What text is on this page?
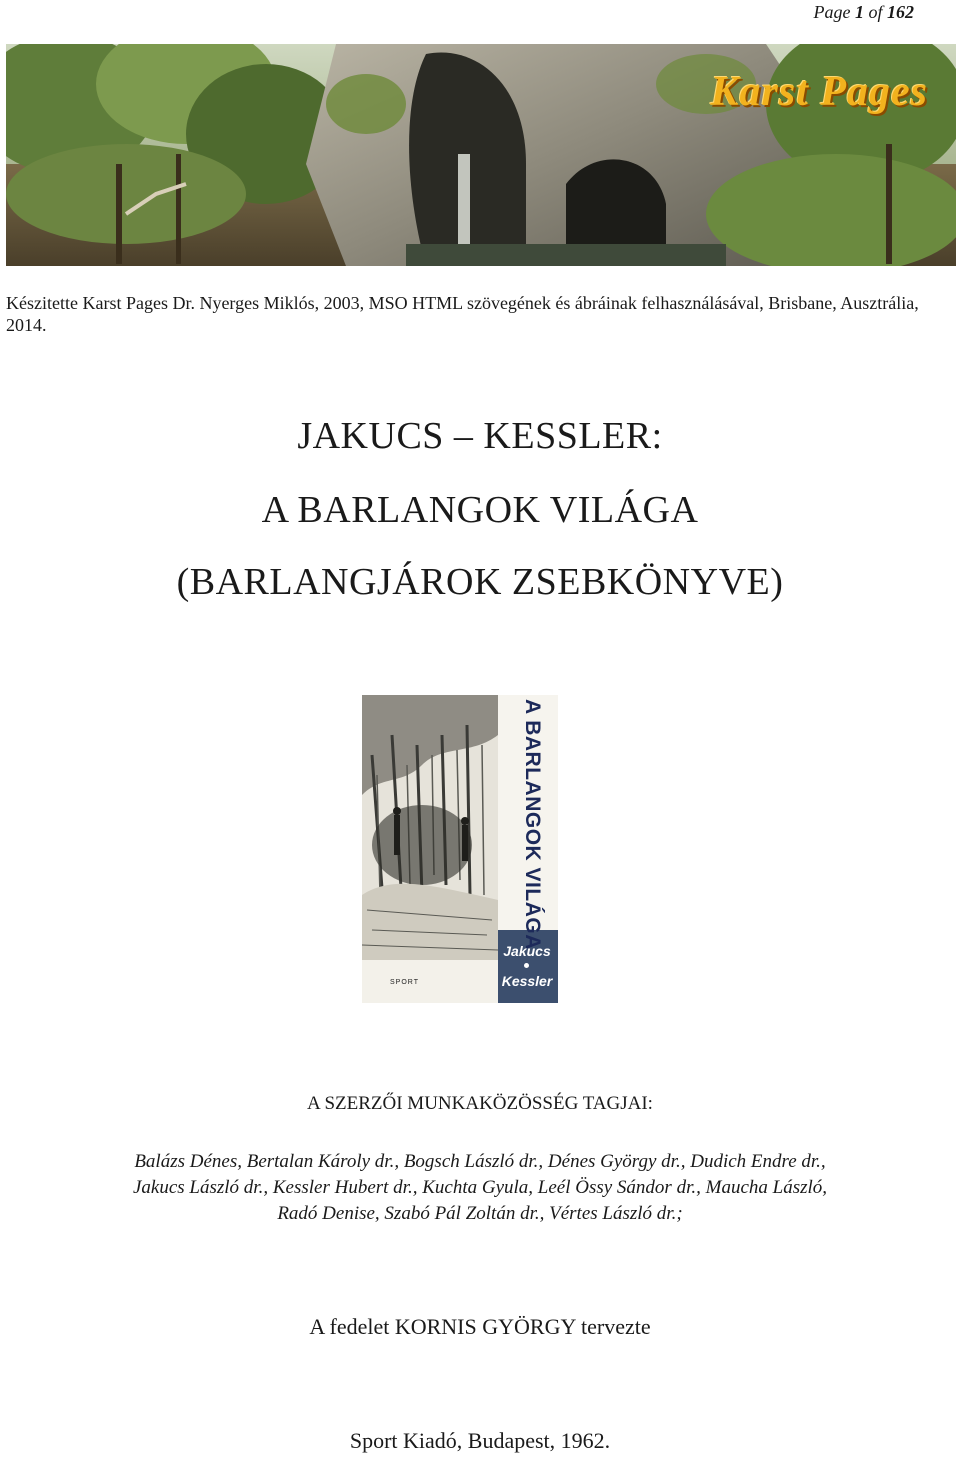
Page 1 of 162
Karst Pages
Készitette Karst Pages Dr. Nyerges Miklós, 2003, MSO HTML szövegének és ábráinak felhasználásával, Brisbane, Ausztrália, 2014.
JAKUCS – KESSLER:
A BARLANGOK VILÁGA
(BARLANGJÁROK ZSEBKÖNYVE)
A BARLANGOK VILÁGA
Jakucs
Kessler
SPORT
A SZERZŐI MUNKAKÖZÖSSÉG TAGJAI:
Balázs Dénes, Bertalan Károly dr., Bogsch László dr., Dénes György dr., Dudich Endre dr.,
Jakucs László dr., Kessler Hubert dr., Kuchta Gyula, Leél Össy Sándor dr., Maucha László,
Radó Denise, Szabó Pál Zoltán dr., Vértes László dr.;
A fedelet KORNIS GYÖRGY tervezte
Sport Kiadó, Budapest, 1962.
